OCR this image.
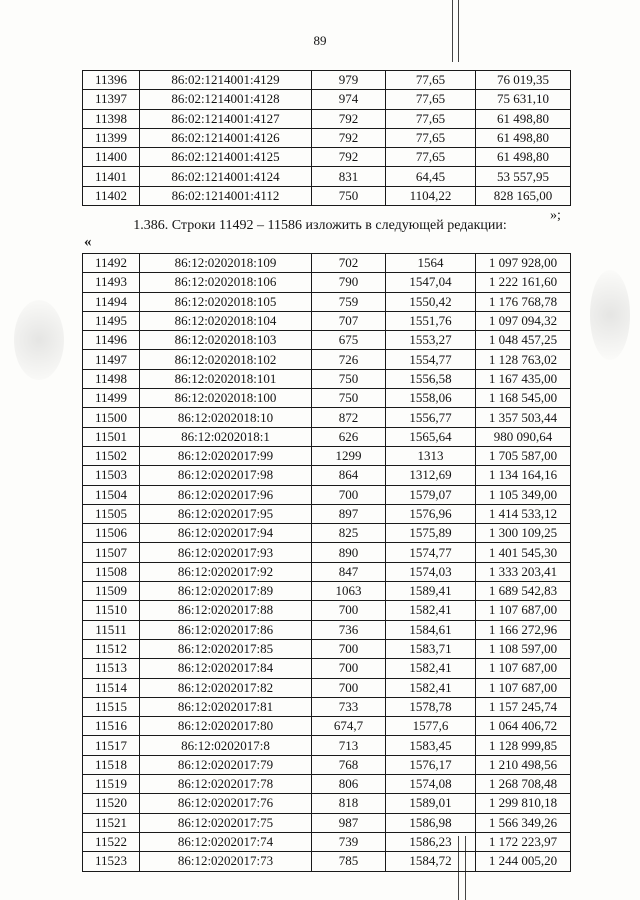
89
11396	86:02:1214001:4129	979	77,65	76 019,35
11397	86:02:1214001:4128	974	77,65	75 631,10
11398	86:02:1214001:4127	792	77,65	61 498,80
11399	86:02:1214001:4126	792	77,65	61 498,80
11400	86:02:1214001:4125	792	77,65	61 498,80
11401	86:02:1214001:4124	831	64,45	53 557,95
11402	86:02:1214001:4112	750	1104,22	828 165,00
»;
1.386. Строки 11492 – 11586 изложить в следующей редакции:
«
11492	86:12:0202018:109	702	1564	1 097 928,00
11493	86:12:0202018:106	790	1547,04	1 222 161,60
11494	86:12:0202018:105	759	1550,42	1 176 768,78
11495	86:12:0202018:104	707	1551,76	1 097 094,32
11496	86:12:0202018:103	675	1553,27	1 048 457,25
11497	86:12:0202018:102	726	1554,77	1 128 763,02
11498	86:12:0202018:101	750	1556,58	1 167 435,00
11499	86:12:0202018:100	750	1558,06	1 168 545,00
11500	86:12:0202018:10	872	1556,77	1 357 503,44
11501	86:12:0202018:1	626	1565,64	980 090,64
11502	86:12:0202017:99	1299	1313	1 705 587,00
11503	86:12:0202017:98	864	1312,69	1 134 164,16
11504	86:12:0202017:96	700	1579,07	1 105 349,00
11505	86:12:0202017:95	897	1576,96	1 414 533,12
11506	86:12:0202017:94	825	1575,89	1 300 109,25
11507	86:12:0202017:93	890	1574,77	1 401 545,30
11508	86:12:0202017:92	847	1574,03	1 333 203,41
11509	86:12:0202017:89	1063	1589,41	1 689 542,83
11510	86:12:0202017:88	700	1582,41	1 107 687,00
11511	86:12:0202017:86	736	1584,61	1 166 272,96
11512	86:12:0202017:85	700	1583,71	1 108 597,00
11513	86:12:0202017:84	700	1582,41	1 107 687,00
11514	86:12:0202017:82	700	1582,41	1 107 687,00
11515	86:12:0202017:81	733	1578,78	1 157 245,74
11516	86:12:0202017:80	674,7	1577,6	1 064 406,72
11517	86:12:0202017:8	713	1583,45	1 128 999,85
11518	86:12:0202017:79	768	1576,17	1 210 498,56
11519	86:12:0202017:78	806	1574,08	1 268 708,48
11520	86:12:0202017:76	818	1589,01	1 299 810,18
11521	86:12:0202017:75	987	1586,98	1 566 349,26
11522	86:12:0202017:74	739	1586,23	1 172 223,97
11523	86:12:0202017:73	785	1584,72	1 244 005,20
